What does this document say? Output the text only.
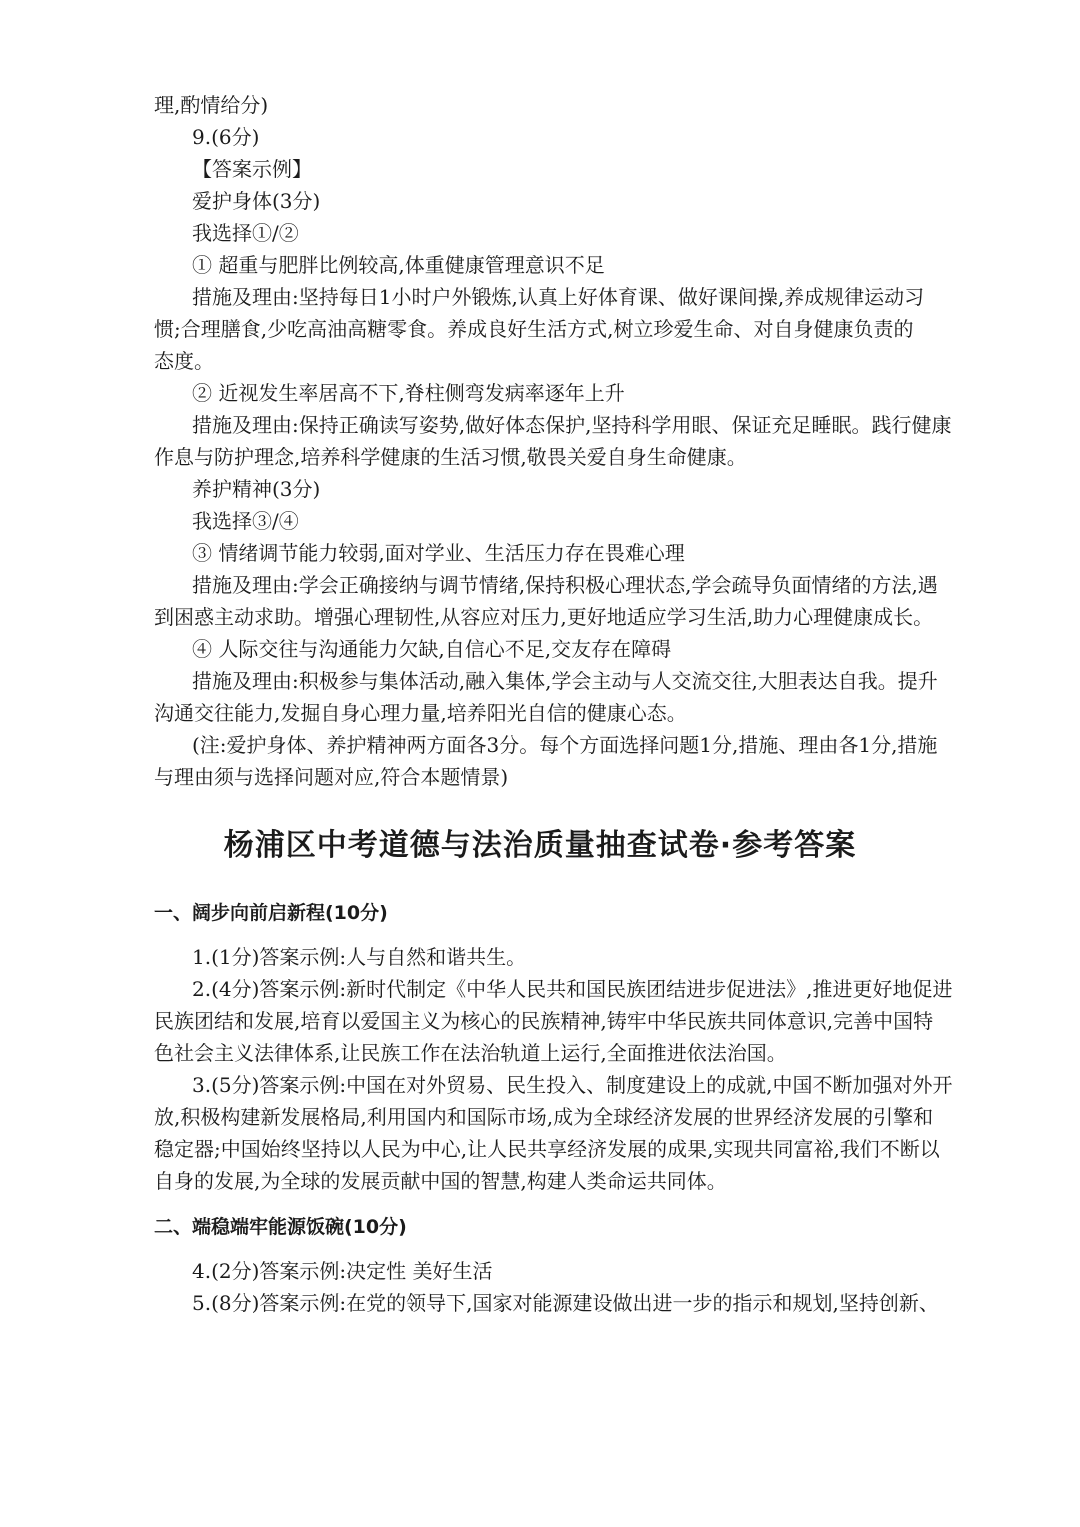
理,酌情给分)
9.(6分)
【答案示例】
爱护身体(3分)
我选择①/②
① 超重与肥胖比例较高,体重健康管理意识不足
措施及理由:坚持每日1小时户外锻炼,认真上好体育课、做好课间操,养成规律运动习
惯;合理膳食,少吃高油高糖零食。养成良好生活方式,树立珍爱生命、对自身健康负责的
态度。
② 近视发生率居高不下,脊柱侧弯发病率逐年上升
措施及理由:保持正确读写姿势,做好体态保护,坚持科学用眼、保证充足睡眠。践行健康
作息与防护理念,培养科学健康的生活习惯,敬畏关爱自身生命健康。
养护精神(3分)
我选择③/④
③ 情绪调节能力较弱,面对学业、生活压力存在畏难心理
措施及理由:学会正确接纳与调节情绪,保持积极心理状态,学会疏导负面情绪的方法,遇
到困惑主动求助。增强心理韧性,从容应对压力,更好地适应学习生活,助力心理健康成长。
④ 人际交往与沟通能力欠缺,自信心不足,交友存在障碍
措施及理由:积极参与集体活动,融入集体,学会主动与人交流交往,大胆表达自我。提升
沟通交往能力,发掘自身心理力量,培养阳光自信的健康心态。
(注:爱护身体、养护精神两方面各3分。每个方面选择问题1分,措施、理由各1分,措施
与理由须与选择问题对应,符合本题情景)
杨浦区中考道德与法治质量抽查试卷·参考答案
一、阔步向前启新程(10分)
1.(1分)答案示例:人与自然和谐共生。
2.(4分)答案示例:新时代制定《中华人民共和国民族团结进步促进法》,推进更好地促进
民族团结和发展,培育以爱国主义为核心的民族精神,铸牢中华民族共同体意识,完善中国特
色社会主义法律体系,让民族工作在法治轨道上运行,全面推进依法治国。
3.(5分)答案示例:中国在对外贸易、民生投入、制度建设上的成就,中国不断加强对外开
放,积极构建新发展格局,利用国内和国际市场,成为全球经济发展的世界经济发展的引擎和
稳定器;中国始终坚持以人民为中心,让人民共享经济发展的成果,实现共同富裕,我们不断以
自身的发展,为全球的发展贡献中国的智慧,构建人类命运共同体。
二、端稳端牢能源饭碗(10分)
4.(2分)答案示例:决定性 美好生活
5.(8分)答案示例:在党的领导下,国家对能源建设做出进一步的指示和规划,坚持创新、
